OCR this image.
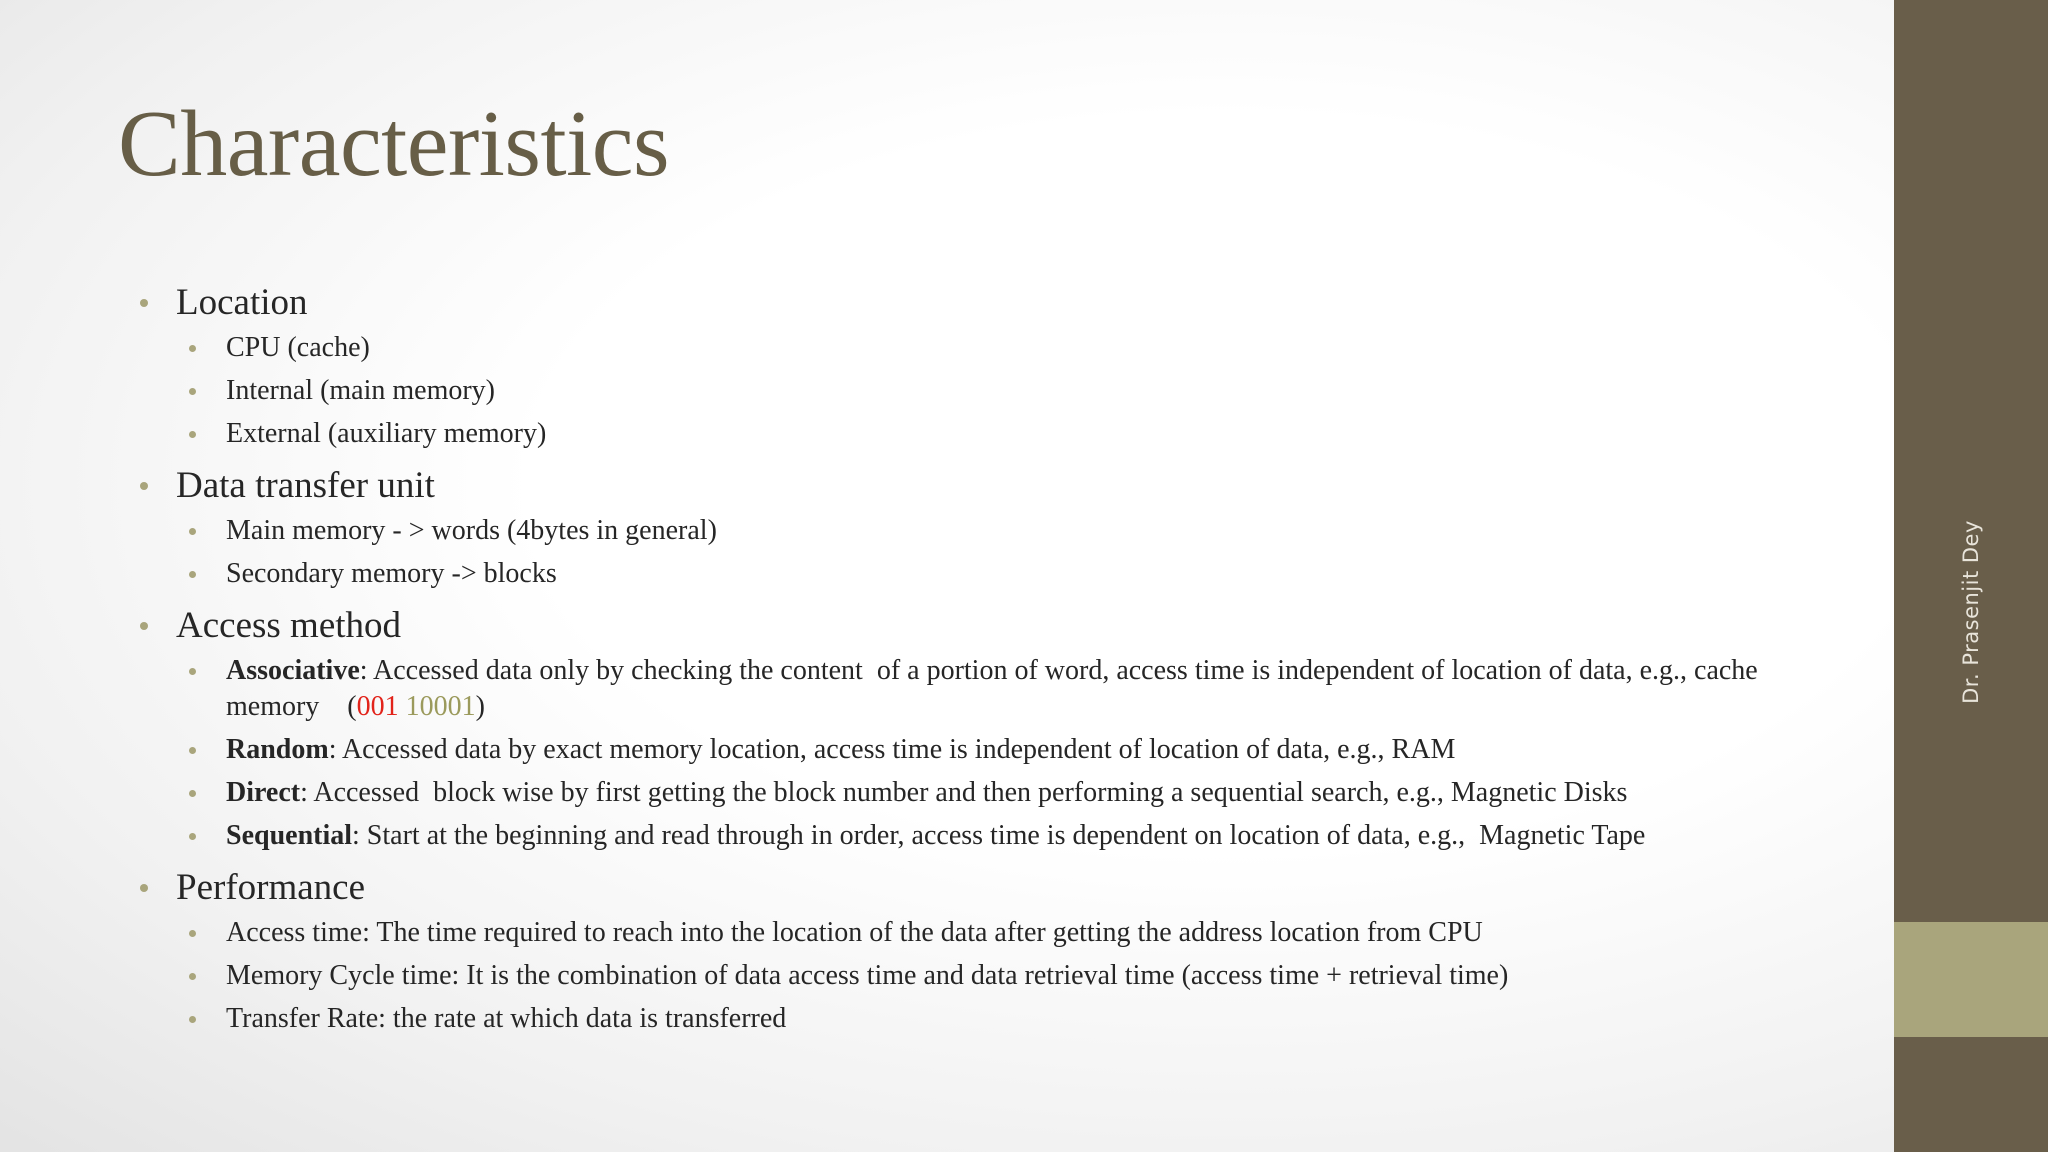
Characteristics
Location
CPU (cache)
Internal (main memory)
External (auxiliary memory)
Data transfer unit
Main memory - > words (4bytes in general)
Secondary memory -> blocks
Access method
Associative: Accessed data only by checking the content  of a portion of word, access time is independent of location of data, e.g., cache memory    (001 10001)
Random: Accessed data by exact memory location, access time is independent of location of data, e.g., RAM
Direct: Accessed  block wise by first getting the block number and then performing a sequential search, e.g., Magnetic Disks
Sequential: Start at the beginning and read through in order, access time is dependent on location of data, e.g.,  Magnetic Tape
Performance
Access time: The time required to reach into the location of the data after getting the address location from CPU
Memory Cycle time: It is the combination of data access time and data retrieval time (access time + retrieval time)
Transfer Rate: the rate at which data is transferred
Dr. Prasenjit Dey
